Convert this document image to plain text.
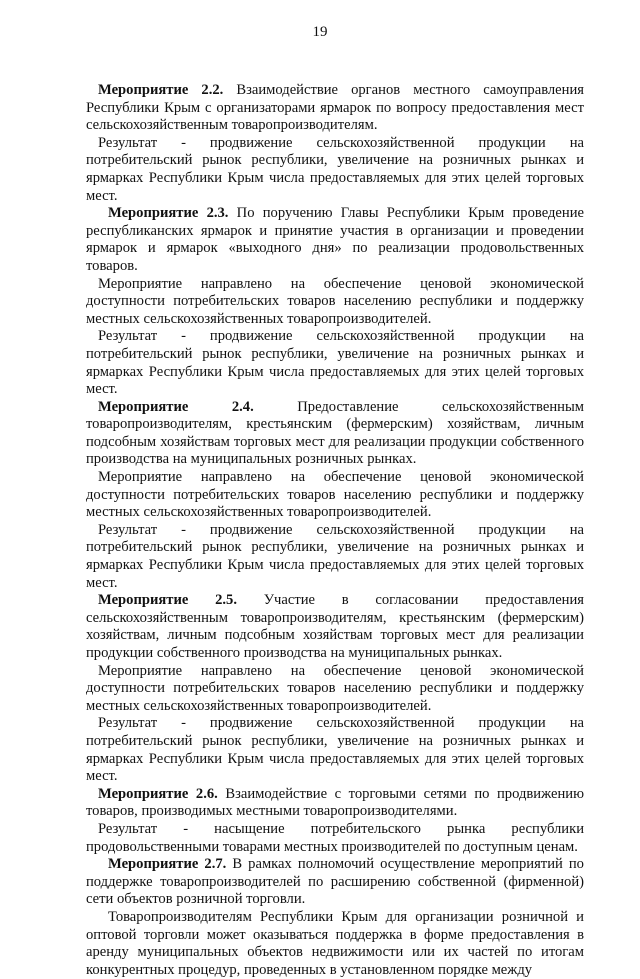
19

Мероприятие 2.2. Взаимодействие органов местного самоуправления Республики Крым с организаторами ярмарок по вопросу предоставления мест сельскохозяйственным товаропроизводителям.

Результат - продвижение сельскохозяйственной продукции на потребительский рынок республики, увеличение на розничных рынках и ярмарках Республики Крым числа предоставляемых для этих целей торговых мест.

Мероприятие 2.3. По поручению Главы Республики Крым проведение республиканских ярмарок и принятие участия в организации и проведении ярмарок и ярмарок «выходного дня» по реализации продовольственных товаров.

Мероприятие направлено на обеспечение ценовой экономической доступности потребительских товаров населению республики и поддержку местных сельскохозяйственных товаропроизводителей.

Результат - продвижение сельскохозяйственной продукции на потребительский рынок республики, увеличение на розничных рынках и ярмарках Республики Крым числа предоставляемых для этих целей торговых мест.

Мероприятие 2.4. Предоставление сельскохозяйственным товаропроизводителям, крестьянским (фермерским) хозяйствам, личным подсобным хозяйствам торговых мест для реализации продукции собственного производства на муниципальных розничных рынках.

Мероприятие направлено на обеспечение ценовой экономической доступности потребительских товаров населению республики и поддержку местных сельскохозяйственных товаропроизводителей.

Результат - продвижение сельскохозяйственной продукции на потребительский рынок республики, увеличение на розничных рынках и ярмарках Республики Крым числа предоставляемых для этих целей торговых мест.

Мероприятие 2.5. Участие в согласовании предоставления сельскохозяйственным товаропроизводителям, крестьянским (фермерским) хозяйствам, личным подсобным хозяйствам торговых мест для реализации продукции собственного производства на муниципальных рынках.

Мероприятие направлено на обеспечение ценовой экономической доступности потребительских товаров населению республики и поддержку местных сельскохозяйственных товаропроизводителей.

Результат - продвижение сельскохозяйственной продукции на потребительский рынок республики, увеличение на розничных рынках и ярмарках Республики Крым числа предоставляемых для этих целей торговых мест.

Мероприятие 2.6. Взаимодействие с торговыми сетями по продвижению товаров, производимых местными товаропроизводителями.

Результат - насыщение потребительского рынка республики продовольственными товарами местных производителей по доступным ценам.

Мероприятие 2.7. В рамках полномочий осуществление мероприятий по поддержке товаропроизводителей по расширению собственной (фирменной) сети объектов розничной торговли.

Товаропроизводителям Республики Крым для организации розничной и оптовой торговли может оказываться поддержка в форме предоставления в аренду муниципальных объектов недвижимости или их частей по итогам конкурентных процедур, проведенных в установленном порядке между
